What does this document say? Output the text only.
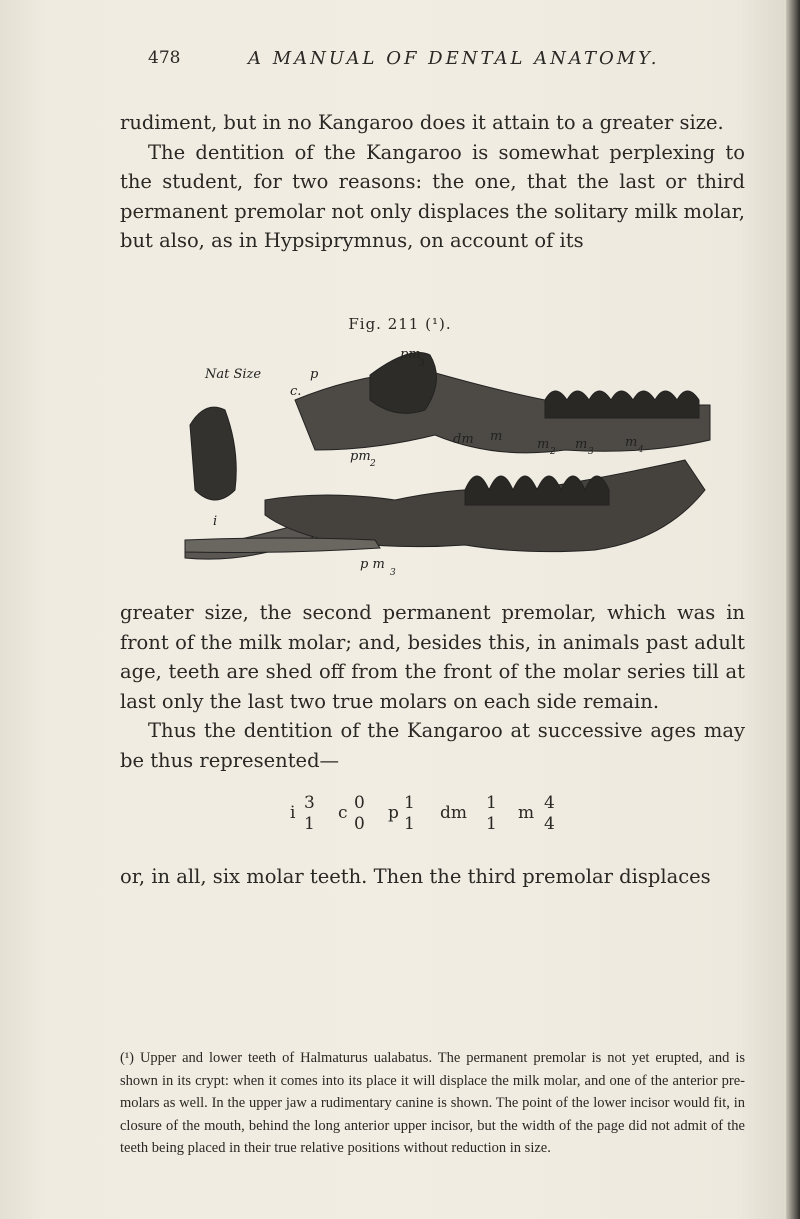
478	A MANUAL OF DENTAL ANATOMY.

rudiment, but in no Kangaroo does it attain to a greater size.

The dentition of the Kangaroo is somewhat perplexing to the student, for two reasons: the one, that the last or third permanent premolar not only displaces the solitary milk molar, but also, as in Hypsiprymnus, on account of its

Fig. 211 (¹).
Nat Size	p
pm
3
c.
pm 2
dm m
m 2 m 3
m 4
i
p m
3

greater size, the second permanent premolar, which was in front of the milk molar; and, besides this, in animals past adult age, teeth are shed off from the front of the molar series till at last only the last two true molars on each side remain.

Thus the dentition of the Kangaroo at successive ages may be thus represented—

i 3
1
c 0
0
p 1
1
dm 1
1
m 4
4

or, in all, six molar teeth. Then the third premolar displaces

(¹) Upper and lower teeth of Halmaturus ualabatus. The permanent premolar is not yet erupted, and is shown in its crypt: when it comes into its place it will displace the milk molar, and one of the anterior pre-molars as well. In the upper jaw a rudimentary canine is shown. The point of the lower incisor would fit, in closure of the mouth, behind the long anterior upper incisor, but the width of the page did not admit of the teeth being placed in their true relative positions without reduction in size.
